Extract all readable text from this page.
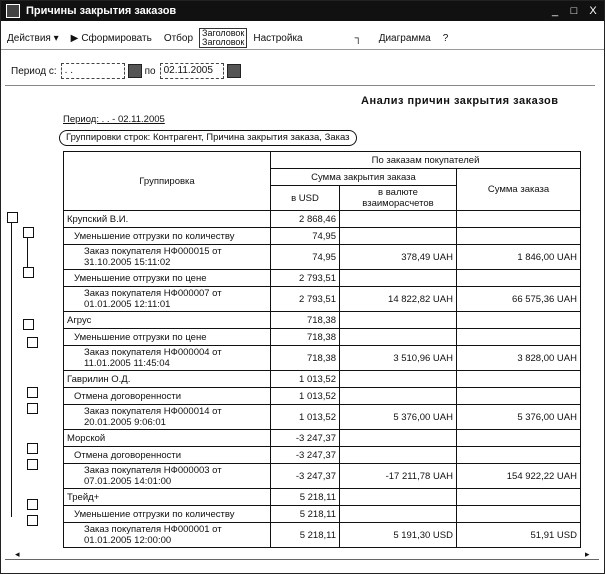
Причины закрытия заказов	_	□	X
Действия ▾	▶ Сформировать	Отбор	Заголовок
Заголовок Настройка	┐ Диаграмма	?
Период с: . .	по 02.11.2005
Анализ причин закрытия заказов
Период: . . - 02.11.2005
Группировки строк: Контрагент, Причина закрытия заказа, Заказ
Группировка	По заказам покупателей		
	Сумма закрытия заказа		Сумма заказа
	в USD	в валюте взаиморасчетов	
Крупский В.И.	2 868,46		
Уменьшение отгрузки по количеству	74,95		
Заказ покупателя НФ000015 от 31.10.2005 15:11:02	74,95	378,49 UAH	1 846,00 UAH
Уменьшение отгрузки по цене	2 793,51		
Заказ покупателя НФ000007 от 01.01.2005 12:11:01	2 793,51	14 822,82 UAH	66 575,36 UAH
Агрус	718,38		
Уменьшение отгрузки по цене	718,38		
Заказ покупателя НФ000004 от 11.01.2005 11:45:04	718,38	3 510,96 UAH	3 828,00 UAH
Гаврилин О.Д.	1 013,52		
Отмена договоренности	1 013,52		
Заказ покупателя НФ000014 от 20.01.2005 9:06:01	1 013,52	5 376,00 UAH	5 376,00 UAH
Морской	-3 247,37		
Отмена договоренности	-3 247,37		
Заказ покупателя НФ000003 от 07.01.2005 14:01:00	-3 247,37	-17 211,78 UAH	154 922,22 UAH
Трейд+	5 218,11		
Уменьшение отгрузки по количеству	5 218,11		
Заказ покупателя НФ000001 от 01.01.2005 12:00:00	5 218,11	5 191,30 USD	51,91 USD
◂	▸
